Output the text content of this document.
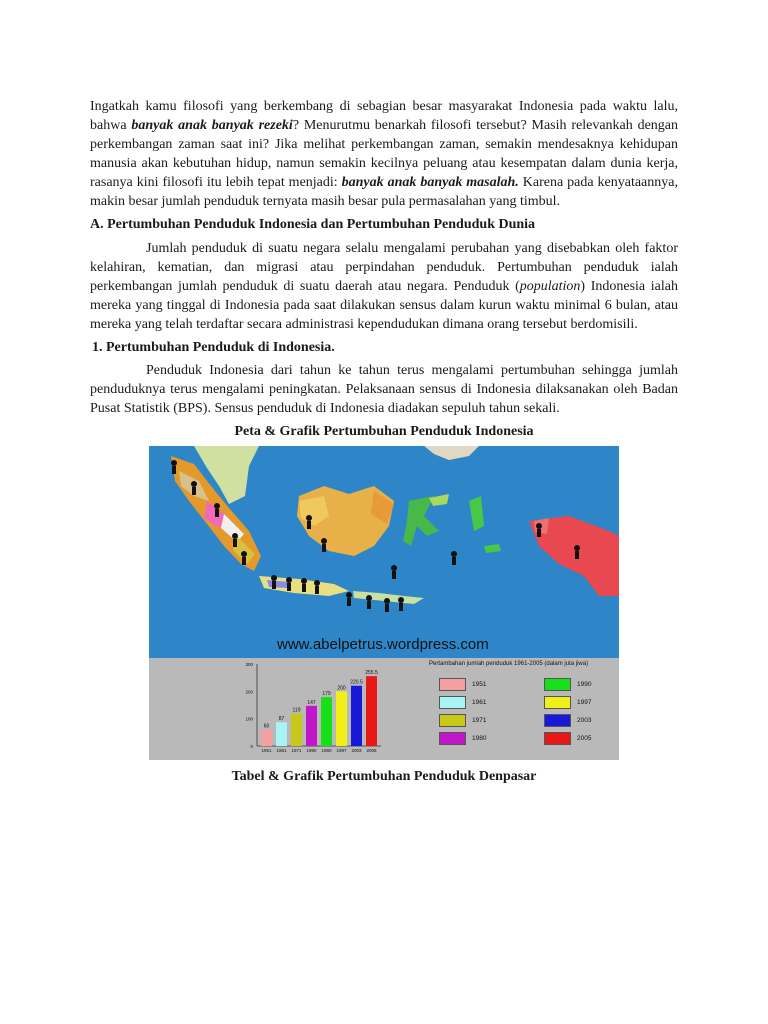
Ingatkah kamu filosofi yang berkembang di sebagian besar masyarakat Indonesia pada waktu lalu, bahwa banyak anak banyak rezeki? Menurutmu benarkah filosofi tersebut? Masih relevankah dengan perkembangan zaman saat ini? Jika melihat perkembangan zaman, semakin mendesaknya kehidupan manusia akan kebutuhan hidup, namun semakin kecilnya peluang atau kesempatan dalam dunia kerja, rasanya kini filosofi itu lebih tepat menjadi: banyak anak banyak masalah. Karena pada kenyataannya, makin besar jumlah penduduk ternyata masih besar pula permasalahan yang timbul.

A. Pertumbuhan Penduduk Indonesia dan Pertumbuhan Penduduk Dunia

Jumlah penduduk di suatu negara selalu mengalami perubahan yang disebabkan oleh faktor kelahiran, kematian, dan migrasi atau perpindahan penduduk. Pertumbuhan penduduk ialah perkembangan jumlah penduduk di suatu daerah atau negara. Penduduk (population) Indonesia ialah mereka yang tinggal di Indonesia pada saat dilakukan sensus dalam kurun waktu minimal 6 bulan, atau mereka yang telah terdaftar secara administrasi kependudukan dimana orang tersebut berdomisili.

1. Pertumbuhan Penduduk di Indonesia.

Penduduk Indonesia dari tahun ke tahun terus mengalami pertumbuhan sehingga jumlah penduduknya terus mengalami peningkatan. Pelaksanaan sensus di Indonesia dilaksanakan oleh Badan Pusat Statistik (BPS). Sensus penduduk di Indonesia diadakan sepuluh tahun sekali.

Peta & Grafik Pertumbuhan Penduduk Indonesia

www.abelpetrus.wordpress.com
60
1951
87
1961
119
1971
147
1980
179
1990
200
1997
220.5
2003
255.5
2005
300
200
100
0
Pertambahan jumlah penduduk 1961-2005 (dalam juta jiwa)
1951
1961
1971
1980
1990
1997
2003
2005

Tabel & Grafik Pertumbuhan Penduduk Denpasar
